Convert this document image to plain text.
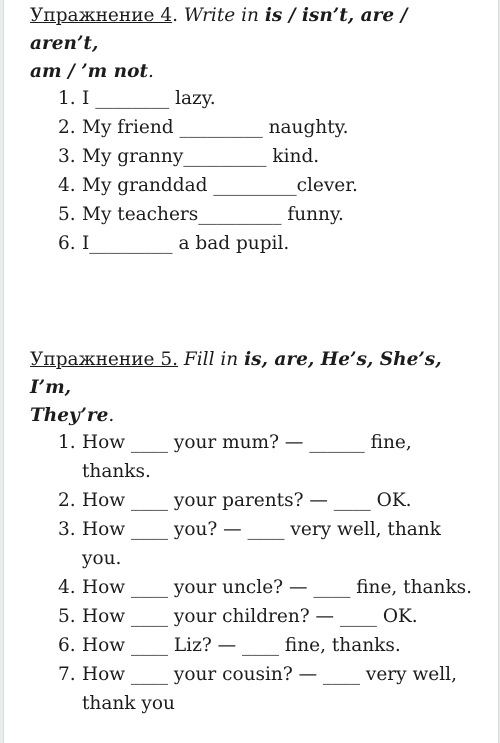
Упражнение 4. Write in is / isn’t, are / aren’t,
am / ’m not.
1. I ________ lazy.
2. My friend _________ naughty.
3. My granny_________ kind.
4. My granddad _________clever.
5. My teachers_________ funny.
6. I_________ a bad pupil.
Упражнение 5. Fill in is, are, He’s, She’s, I’m,
They’re.
1. How ____ your mum? — ______ fine, thanks.
2. How ____ your parents? — ____ OK.
3. How ____ you? — ____ very well, thank you.
4. How ____ your uncle? — ____ fine, thanks.
5. How ____ your children? — ____ OK.
6. How ____ Liz? — ____ fine, thanks.
7. How ____ your cousin? — ____ very well, thank you
